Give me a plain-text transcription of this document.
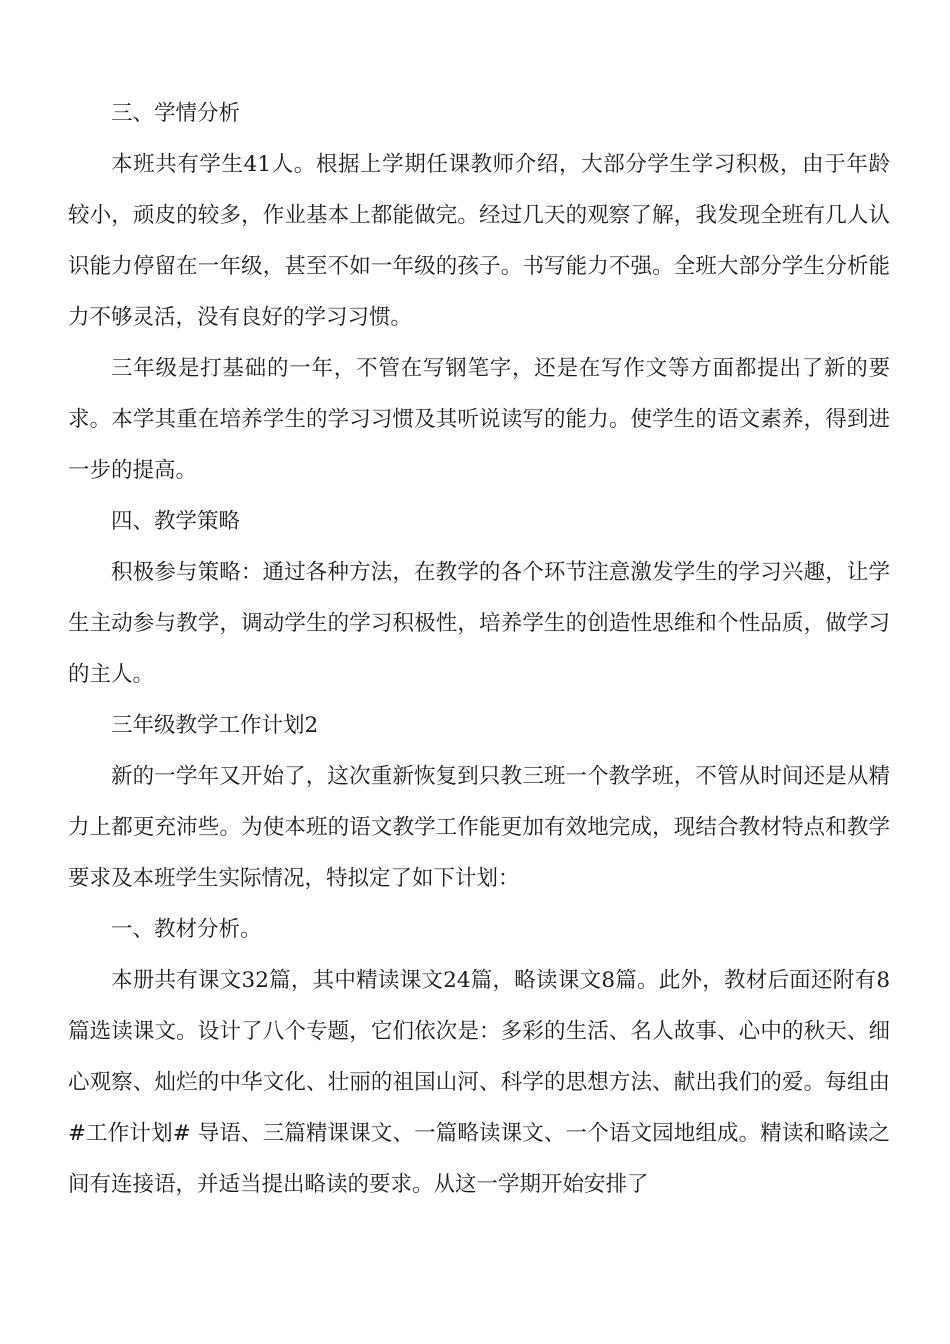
三、学情分析

本班共有学生41人。根据上学期任课教师介绍，大部分学生学习积极，由于年龄较小，顽皮的较多，作业基本上都能做完。经过几天的观察了解，我发现全班有几人认识能力停留在一年级，甚至不如一年级的孩子。书写能力不强。全班大部分学生分析能力不够灵活，没有良好的学习习惯。

三年级是打基础的一年，不管在写钢笔字，还是在写作文等方面都提出了新的要求。本学其重在培养学生的学习习惯及其听说读写的能力。使学生的语文素养，得到进一步的提高。

四、教学策略

积极参与策略：通过各种方法，在教学的各个环节注意激发学生的学习兴趣，让学生主动参与教学，调动学生的学习积极性，培养学生的创造性思维和个性品质，做学习的主人。

三年级教学工作计划2

新的一学年又开始了，这次重新恢复到只教三班一个教学班，不管从时间还是从精力上都更充沛些。为使本班的语文教学工作能更加有效地完成，现结合教材特点和教学要求及本班学生实际情况，特拟定了如下计划：

一、教材分析。

本册共有课文32篇，其中精读课文24篇，略读课文8篇。此外，教材后面还附有8篇选读课文。设计了八个专题，它们依次是：多彩的生活、名人故事、心中的秋天、细心观察、灿烂的中华文化、壮丽的祖国山河、科学的思想方法、献出我们的爱。每组由#工作计划# 导语、三篇精课课文、一篇略读课文、一个语文园地组成。精读和略读之间有连接语，并适当提出略读的要求。从这一学期开始安排了
